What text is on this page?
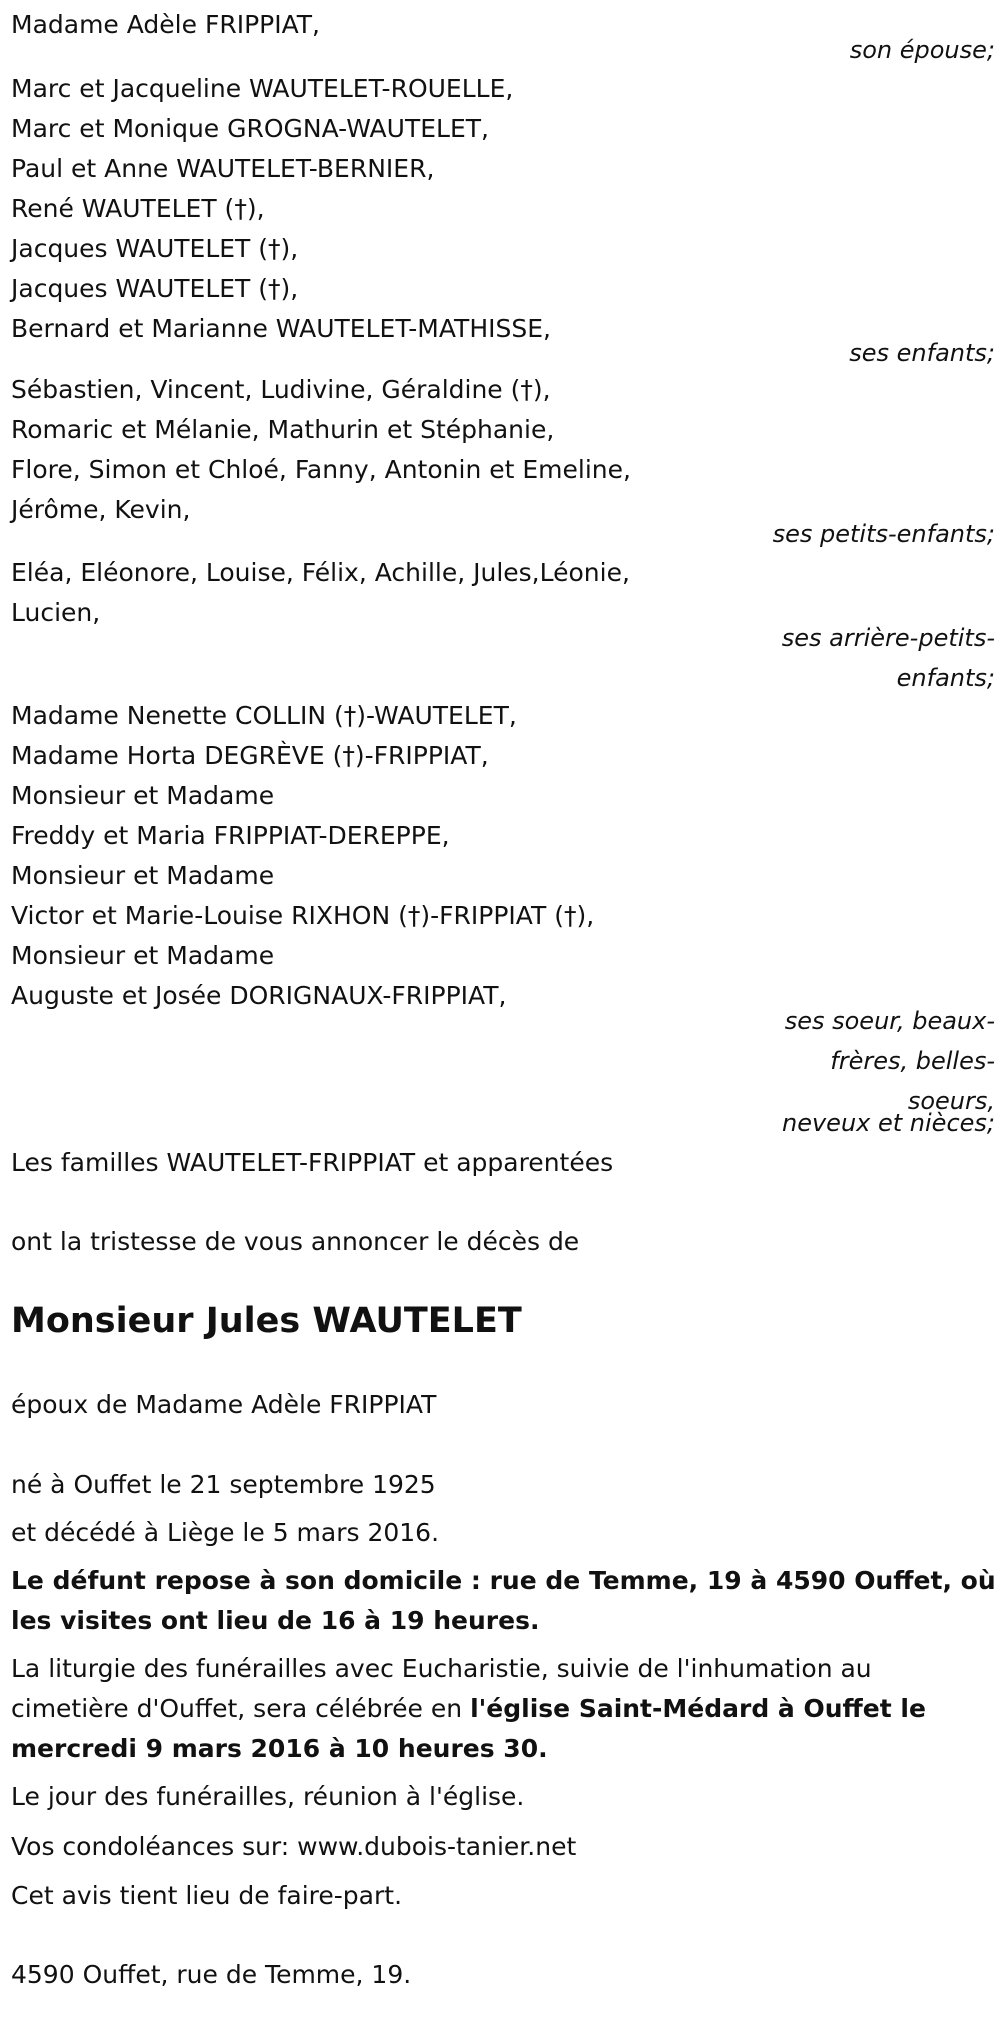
Madame Adèle FRIPPIAT,
son épouse;
Marc et Jacqueline WAUTELET-ROUELLE,
Marc et Monique GROGNA-WAUTELET,
Paul et Anne WAUTELET-BERNIER,
René WAUTELET (†),
Jacques WAUTELET (†),
Jacques WAUTELET (†),
Bernard et Marianne WAUTELET-MATHISSE,
ses enfants;
Sébastien, Vincent, Ludivine, Géraldine (†),
Romaric et Mélanie, Mathurin et Stéphanie,
Flore, Simon et Chloé, Fanny, Antonin et Emeline,
Jérôme, Kevin,
ses petits-enfants;
Eléa, Eléonore, Louise, Félix, Achille, Jules,Léonie,
Lucien,
ses arrière-petits-
enfants;
Madame Nenette COLLIN (†)-WAUTELET,
Madame Horta DEGRÈVE (†)-FRIPPIAT,
Monsieur et Madame
Freddy et Maria FRIPPIAT-DEREPPE,
Monsieur et Madame
Victor et Marie-Louise RIXHON (†)-FRIPPIAT (†),
Monsieur et Madame
Auguste et Josée DORIGNAUX-FRIPPIAT,
ses soeur, beaux-
frères, belles-
soeurs,
neveux et nièces;
Les familles WAUTELET-FRIPPIAT et apparentées
ont la tristesse de vous annoncer le décès de
Monsieur Jules WAUTELET
époux de Madame Adèle FRIPPIAT
né à Ouffet le 21 septembre 1925
et décédé à Liège le 5 mars 2016.
Le défunt repose à son domicile : rue de Temme, 19 à 4590 Ouffet, où
les visites ont lieu de 16 à 19 heures.
La liturgie des funérailles avec Eucharistie, suivie de l'inhumation au
cimetière d'Ouffet, sera célébrée en l'église Saint-Médard à Ouffet le
mercredi 9 mars 2016 à 10 heures 30.
Le jour des funérailles, réunion à l'église.
Vos condoléances sur: www.dubois-tanier.net
Cet avis tient lieu de faire-part.
4590 Ouffet, rue de Temme, 19.
